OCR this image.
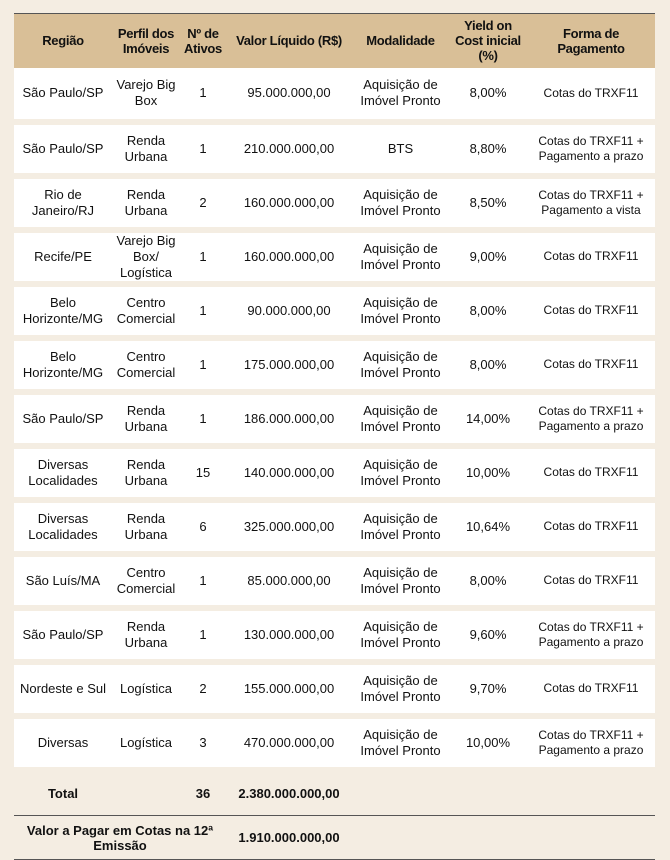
Região	Perfil dos Imóveis	Nº de Ativos	Valor Líquido (R$)	Modalidade	Yield on Cost inicial (%)	Forma de Pagamento
São Paulo/SP	Varejo Big Box	1	95.000.000,00	Aquisição de Imóvel Pronto	8,00%	Cotas do TRXF11
São Paulo/SP	Renda Urbana	1	210.000.000,00	BTS	8,80%	Cotas do TRXF11 + Pagamento a prazo
Rio de Janeiro/RJ	Renda Urbana	2	160.000.000,00	Aquisição de Imóvel Pronto	8,50%	Cotas do TRXF11 + Pagamento a vista
Recife/PE	Varejo Big Box/ Logística	1	160.000.000,00	Aquisição de Imóvel Pronto	9,00%	Cotas do TRXF11
Belo Horizonte/MG	Centro Comercial	1	90.000.000,00	Aquisição de Imóvel Pronto	8,00%	Cotas do TRXF11
Belo Horizonte/MG	Centro Comercial	1	175.000.000,00	Aquisição de Imóvel Pronto	8,00%	Cotas do TRXF11
São Paulo/SP	Renda Urbana	1	186.000.000,00	Aquisição de Imóvel Pronto	14,00%	Cotas do TRXF11 + Pagamento a prazo
Diversas Localidades	Renda Urbana	15	140.000.000,00	Aquisição de Imóvel Pronto	10,00%	Cotas do TRXF11
Diversas Localidades	Renda Urbana	6	325.000.000,00	Aquisição de Imóvel Pronto	10,64%	Cotas do TRXF11
São Luís/MA	Centro Comercial	1	85.000.000,00	Aquisição de Imóvel Pronto	8,00%	Cotas do TRXF11
São Paulo/SP	Renda Urbana	1	130.000.000,00	Aquisição de Imóvel Pronto	9,60%	Cotas do TRXF11 + Pagamento a prazo
Nordeste e Sul	Logística	2	155.000.000,00	Aquisição de Imóvel Pronto	9,70%	Cotas do TRXF11
Diversas	Logística	3	470.000.000,00	Aquisição de Imóvel Pronto	10,00%	Cotas do TRXF11 + Pagamento a prazo
Total		36	2.380.000.000,00			
Valor a Pagar em Cotas na 12ª Emissão			1.910.000.000,00			
